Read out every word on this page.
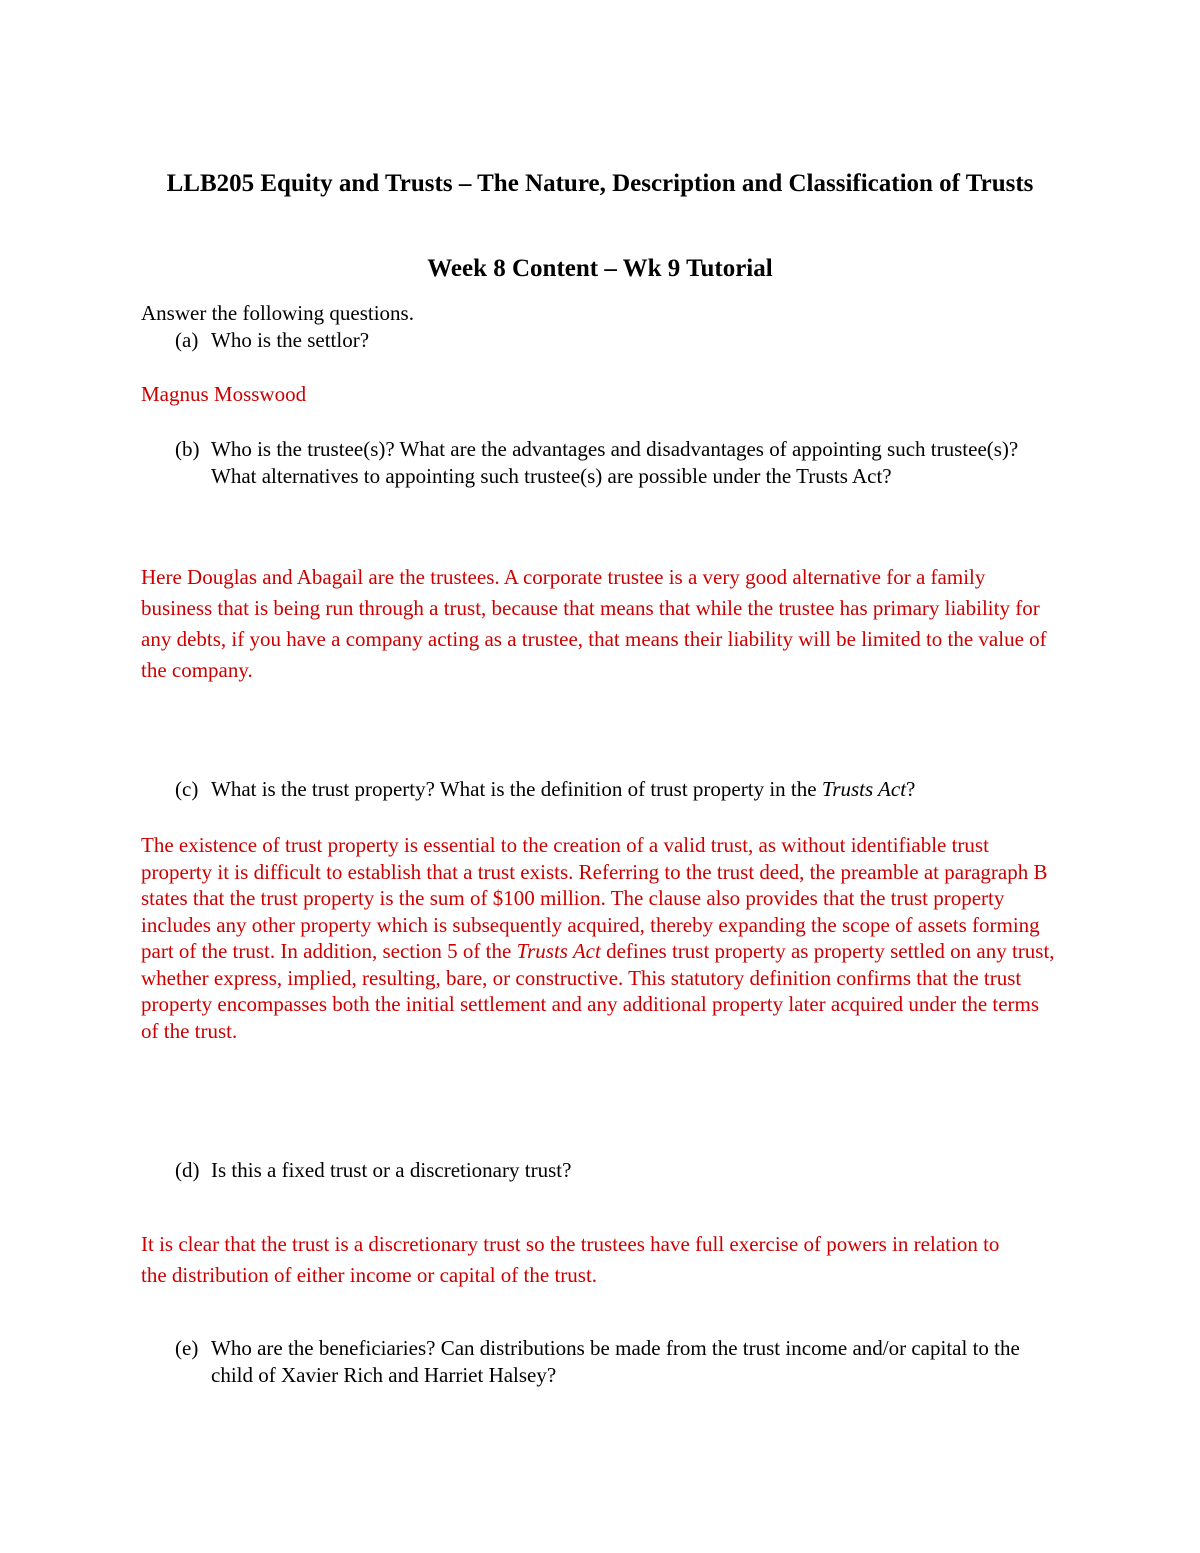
LLB205 Equity and Trusts – The Nature, Description and Classification of Trusts
Week 8 Content – Wk 9 Tutorial

Answer the following questions.

(a) Who is the settlor?

Magnus Mosswood

(b) Who is the trustee(s)? What are the advantages and disadvantages of appointing such trustee(s)? What alternatives to appointing such trustee(s) are possible under the Trusts Act?

Here Douglas and Abagail are the trustees. A corporate trustee is a very good alternative for a family business that is being run through a trust, because that means that while the trustee has primary liability for any debts, if you have a company acting as a trustee, that means their liability will be limited to the value of the company.

(c) What is the trust property? What is the definition of trust property in the Trusts Act?

The existence of trust property is essential to the creation of a valid trust, as without identifiable trust property it is difficult to establish that a trust exists. Referring to the trust deed, the preamble at paragraph B states that the trust property is the sum of $100 million. The clause also provides that the trust property includes any other property which is subsequently acquired, thereby expanding the scope of assets forming part of the trust. In addition, section 5 of the Trusts Act defines trust property as property settled on any trust, whether express, implied, resulting, bare, or constructive. This statutory definition confirms that the trust property encompasses both the initial settlement and any additional property later acquired under the terms of the trust.

(d) Is this a fixed trust or a discretionary trust?

It is clear that the trust is a discretionary trust so the trustees have full exercise of powers in relation to the distribution of either income or capital of the trust.

(e) Who are the beneficiaries? Can distributions be made from the trust income and/or capital to the child of Xavier Rich and Harriet Halsey?
